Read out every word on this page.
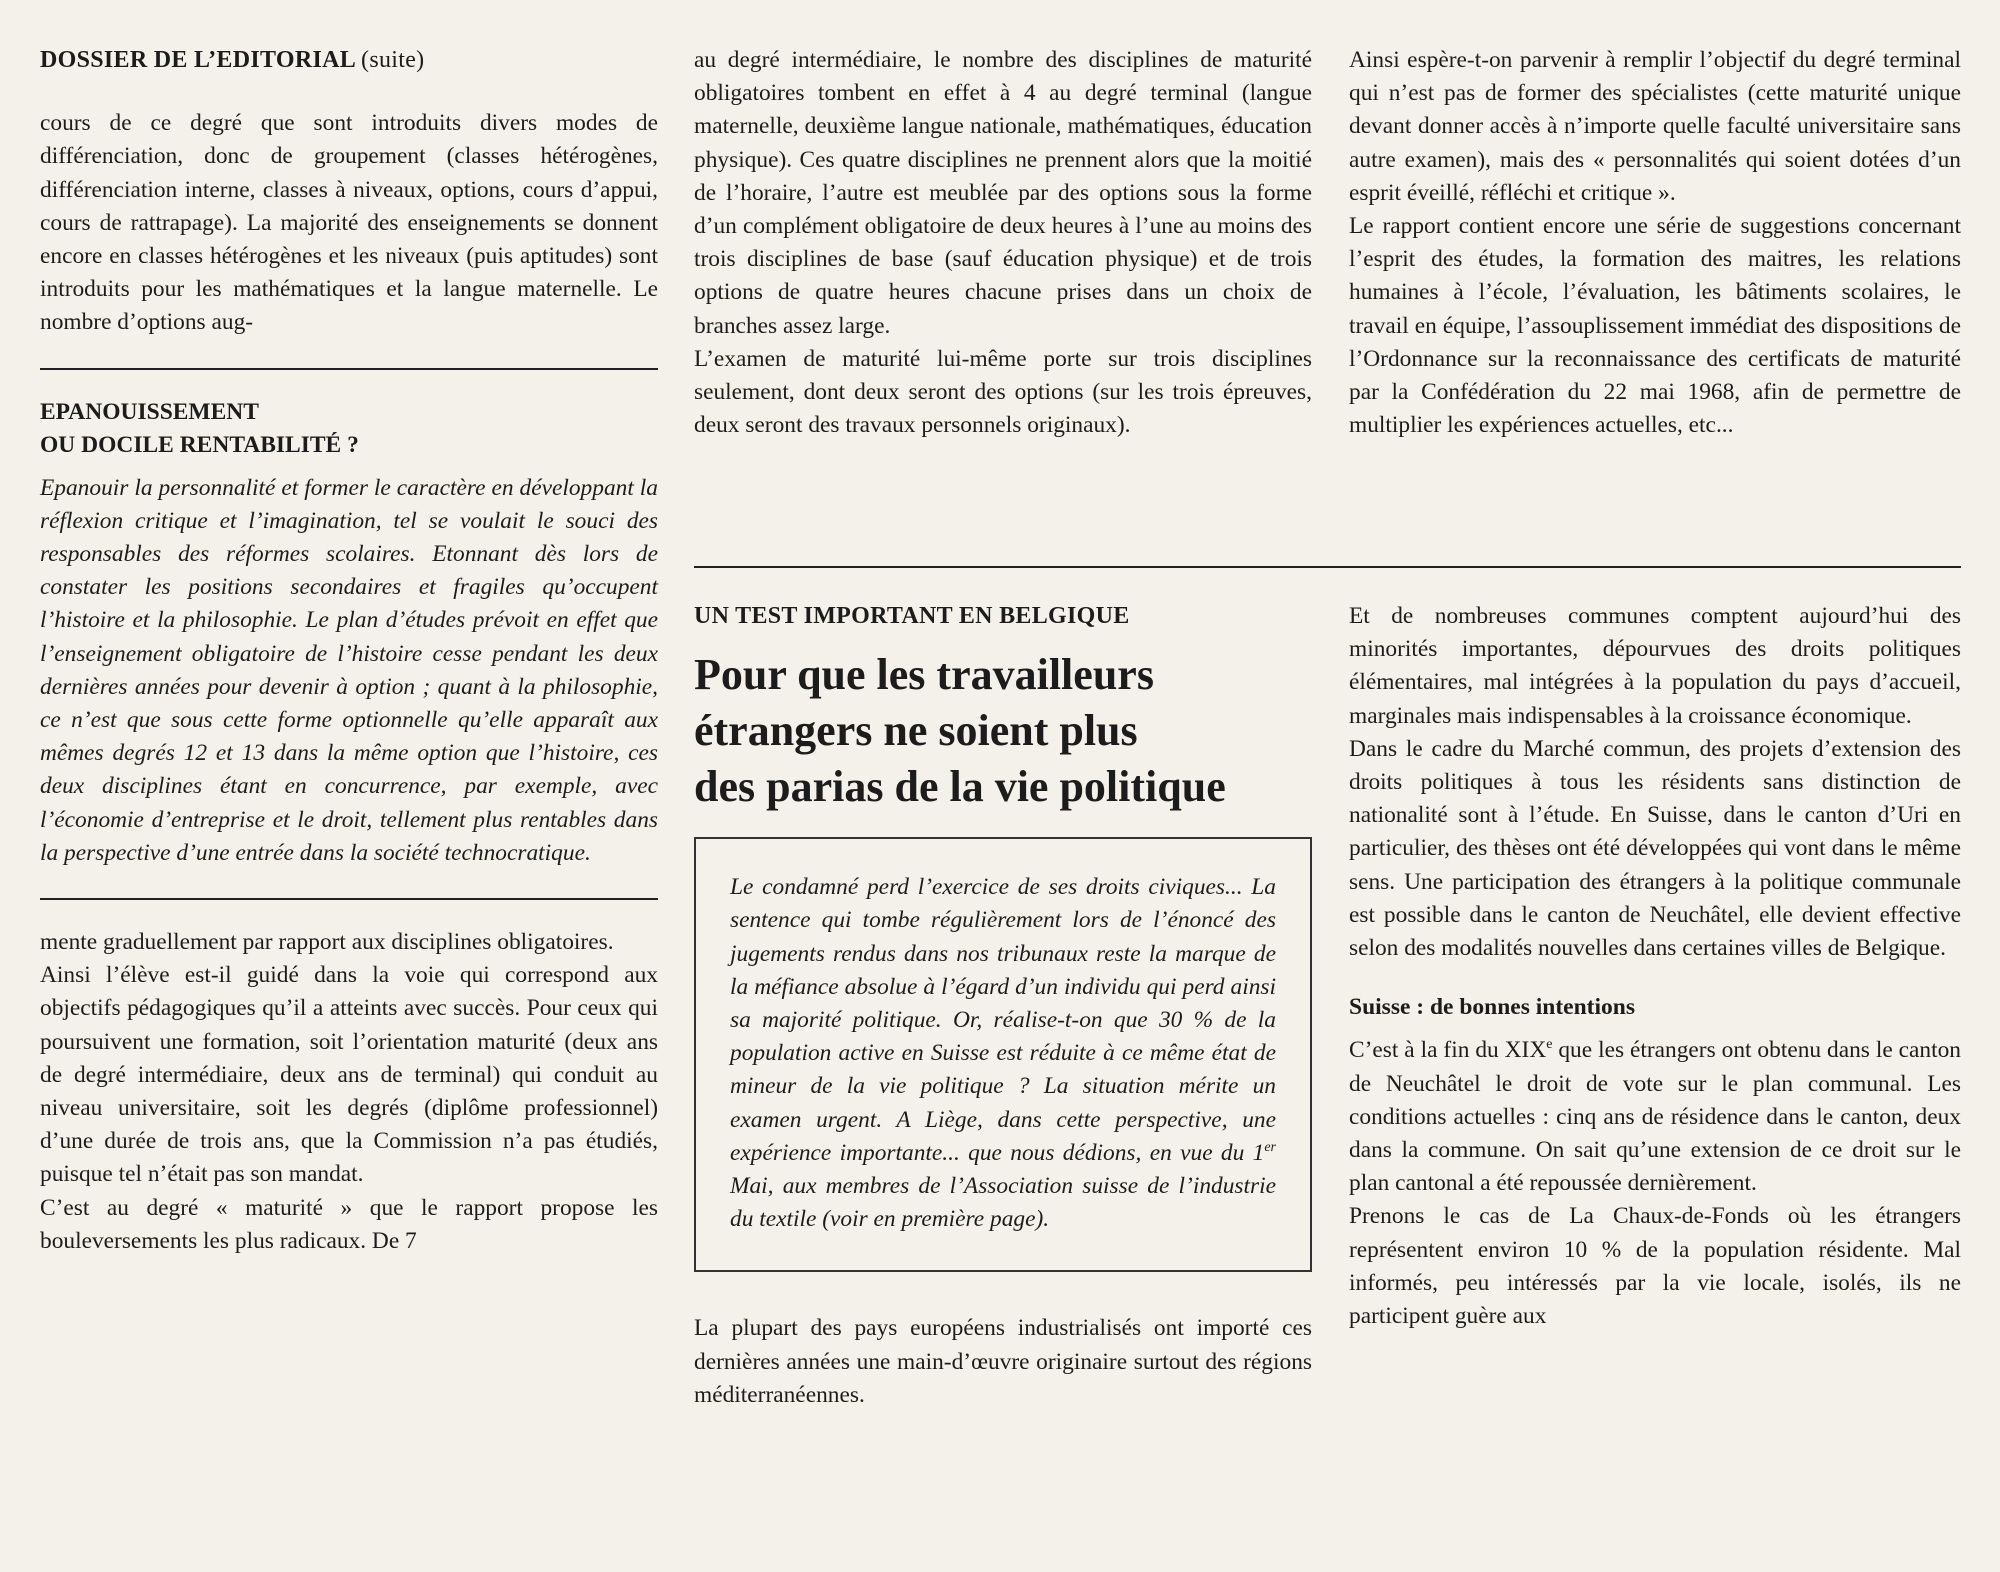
DOSSIER DE L’EDITORIAL (suite)

cours de ce degré que sont introduits divers modes de différenciation, donc de groupement (classes hétérogènes, différenciation interne, classes à niveaux, options, cours d’appui, cours de rattrapage). La majorité des enseignements se donnent encore en classes hétérogènes et les niveaux (puis aptitudes) sont introduits pour les mathématiques et la langue maternelle. Le nombre d’options aug-

EPANOUISSEMENT
OU DOCILE RENTABILITÉ ?

Epanouir la personnalité et former le caractère en développant la réflexion critique et l’imagination, tel se voulait le souci des responsables des réformes scolaires. Etonnant dès lors de constater les positions secondaires et fragiles qu’occupent l’histoire et la philosophie. Le plan d’études prévoit en effet que l’enseignement obligatoire de l’histoire cesse pendant les deux dernières années pour devenir à option ; quant à la philosophie, ce n’est que sous cette forme optionnelle qu’elle apparaît aux mêmes degrés 12 et 13 dans la même option que l’histoire, ces deux disciplines étant en concurrence, par exemple, avec l’économie d’entreprise et le droit, tellement plus rentables dans la perspective d’une entrée dans la société technocratique.

mente graduellement par rapport aux disciplines obligatoires.

Ainsi l’élève est-il guidé dans la voie qui correspond aux objectifs pédagogiques qu’il a atteints avec succès. Pour ceux qui poursuivent une formation, soit l’orientation maturité (deux ans de degré intermédiaire, deux ans de terminal) qui conduit au niveau universitaire, soit les degrés (diplôme professionnel) d’une durée de trois ans, que la Commission n’a pas étudiés, puisque tel n’était pas son mandat.

C’est au degré « maturité » que le rapport propose les bouleversements les plus radicaux. De 7

au degré intermédiaire, le nombre des disciplines de maturité obligatoires tombent en effet à 4 au degré terminal (langue maternelle, deuxième langue nationale, mathématiques, éducation physique). Ces quatre disciplines ne prennent alors que la moitié de l’horaire, l’autre est meublée par des options sous la forme d’un complément obligatoire de deux heures à l’une au moins des trois disciplines de base (sauf éducation physique) et de trois options de quatre heures chacune prises dans un choix de branches assez large.

L’examen de maturité lui-même porte sur trois disciplines seulement, dont deux seront des options (sur les trois épreuves, deux seront des travaux personnels originaux).

Ainsi espère-t-on parvenir à remplir l’objectif du degré terminal qui n’est pas de former des spécialistes (cette maturité unique devant donner accès à n’importe quelle faculté universitaire sans autre examen), mais des « personnalités qui soient dotées d’un esprit éveillé, réfléchi et critique ».

Le rapport contient encore une série de suggestions concernant l’esprit des études, la formation des maitres, les relations humaines à l’école, l’évaluation, les bâtiments scolaires, le travail en équipe, l’assouplissement immédiat des dispositions de l’Ordonnance sur la reconnaissance des certificats de maturité par la Confédération du 22 mai 1968, afin de permettre de multiplier les expériences actuelles, etc...

UN TEST IMPORTANT EN BELGIQUE

Pour que les travailleurs
étrangers ne soient plus
des parias de la vie politique
Le condamné perd l’exercice de ses droits civiques... La sentence qui tombe régulièrement lors de l’énoncé des jugements rendus dans nos tribunaux reste la marque de la méfiance absolue à l’égard d’un individu qui perd ainsi sa majorité politique. Or, réalise-t-on que 30 % de la population active en Suisse est réduite à ce même état de mineur de la vie politique ? La situation mérite un examen urgent. A Liège, dans cette perspective, une expérience importante... que nous dédions, en vue du 1er Mai, aux membres de l’Association suisse de l’industrie du textile (voir en première page).

La plupart des pays européens industrialisés ont importé ces dernières années une main-d’œuvre originaire surtout des régions méditerranéennes.

Et de nombreuses communes comptent aujourd’hui des minorités importantes, dépourvues des droits politiques élémentaires, mal intégrées à la population du pays d’accueil, marginales mais indispensables à la croissance économique.

Dans le cadre du Marché commun, des projets d’extension des droits politiques à tous les résidents sans distinction de nationalité sont à l’étude. En Suisse, dans le canton d’Uri en particulier, des thèses ont été développées qui vont dans le même sens. Une participation des étrangers à la politique communale est possible dans le canton de Neuchâtel, elle devient effective selon des modalités nouvelles dans certaines villes de Belgique.

Suisse : de bonnes intentions

C’est à la fin du XIXe que les étrangers ont obtenu dans le canton de Neuchâtel le droit de vote sur le plan communal. Les conditions actuelles : cinq ans de résidence dans le canton, deux dans la commune. On sait qu’une extension de ce droit sur le plan cantonal a été repoussée dernièrement.

Prenons le cas de La Chaux-de-Fonds où les étrangers représentent environ 10 % de la population résidente. Mal informés, peu intéressés par la vie locale, isolés, ils ne participent guère aux
